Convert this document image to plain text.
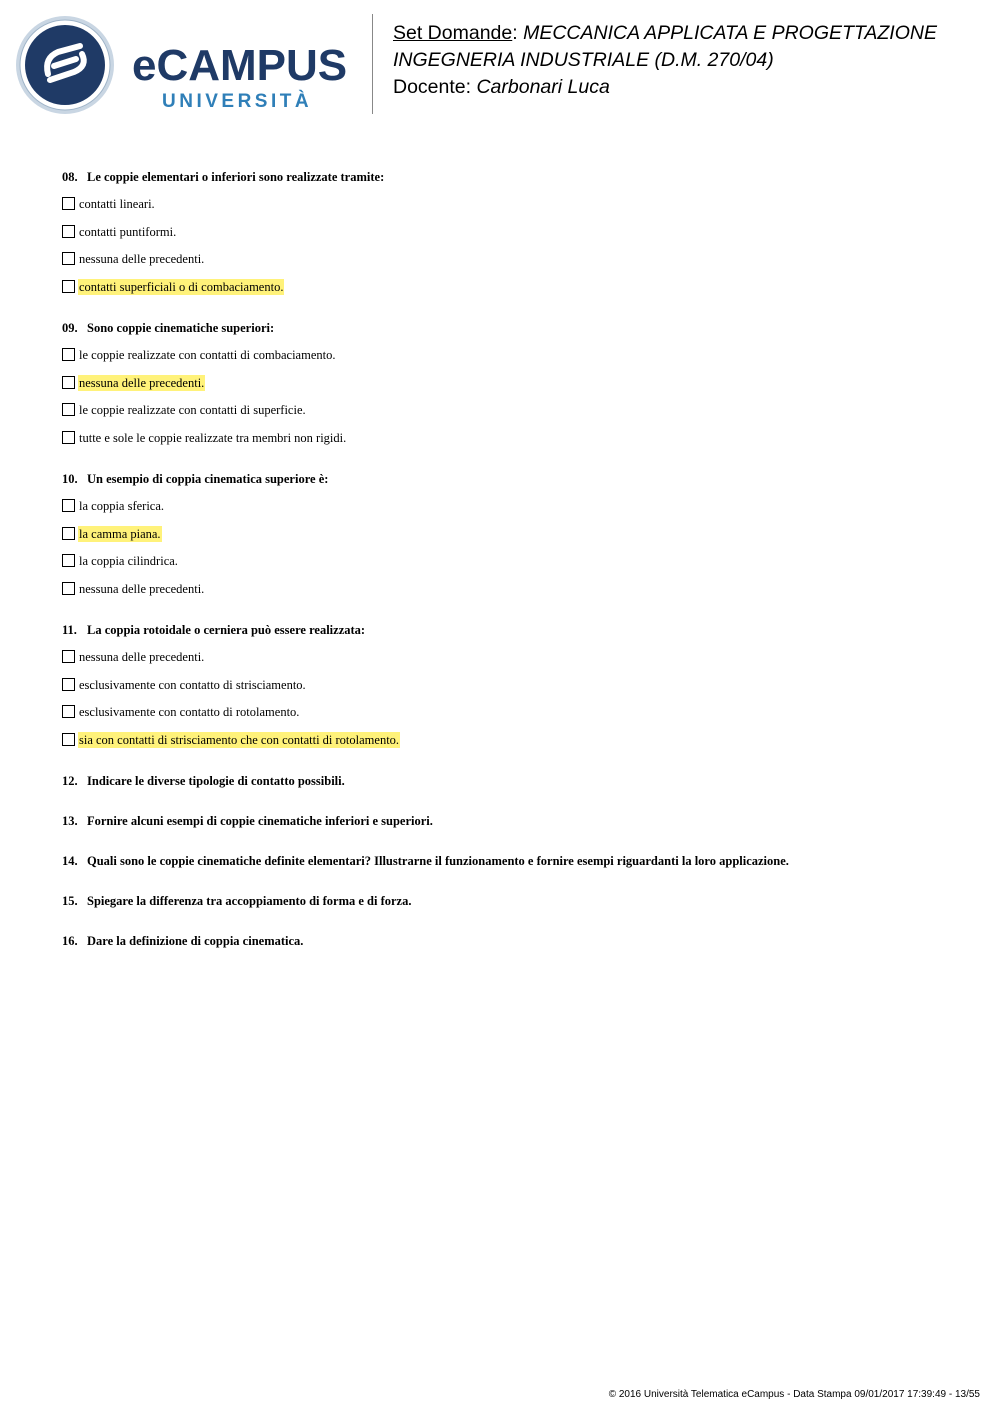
eCAMPUS
UNIVERSITÀ
Set Domande: MECCANICA APPLICATA E PROGETTAZIONE
INGEGNERIA INDUSTRIALE (D.M. 270/04)
Docente: Carbonari Luca
08. Le coppie elementari o inferiori sono realizzate tramite:
contatti lineari.
contatti puntiformi.
nessuna delle precedenti.
contatti superficiali o di combaciamento.
09. Sono coppie cinematiche superiori:
le coppie realizzate con contatti di combaciamento.
nessuna delle precedenti.
le coppie realizzate con contatti di superficie.
tutte e sole le coppie realizzate tra membri non rigidi.
10. Un esempio di coppia cinematica superiore è:
la coppia sferica.
la camma piana.
la coppia cilindrica.
nessuna delle precedenti.
11. La coppia rotoidale o cerniera può essere realizzata:
nessuna delle precedenti.
esclusivamente con contatto di strisciamento.
esclusivamente con contatto di rotolamento.
sia con contatti di strisciamento che con contatti di rotolamento.
12. Indicare le diverse tipologie di contatto possibili.
13. Fornire alcuni esempi di coppie cinematiche inferiori e superiori.
14. Quali sono le coppie cinematiche definite elementari? Illustrarne il funzionamento e fornire esempi riguardanti la loro applicazione.
15. Spiegare la differenza tra accoppiamento di forma e di forza.
16. Dare la definizione di coppia cinematica.
© 2016 Università Telematica eCampus - Data Stampa 09/01/2017 17:39:49 - 13/55
